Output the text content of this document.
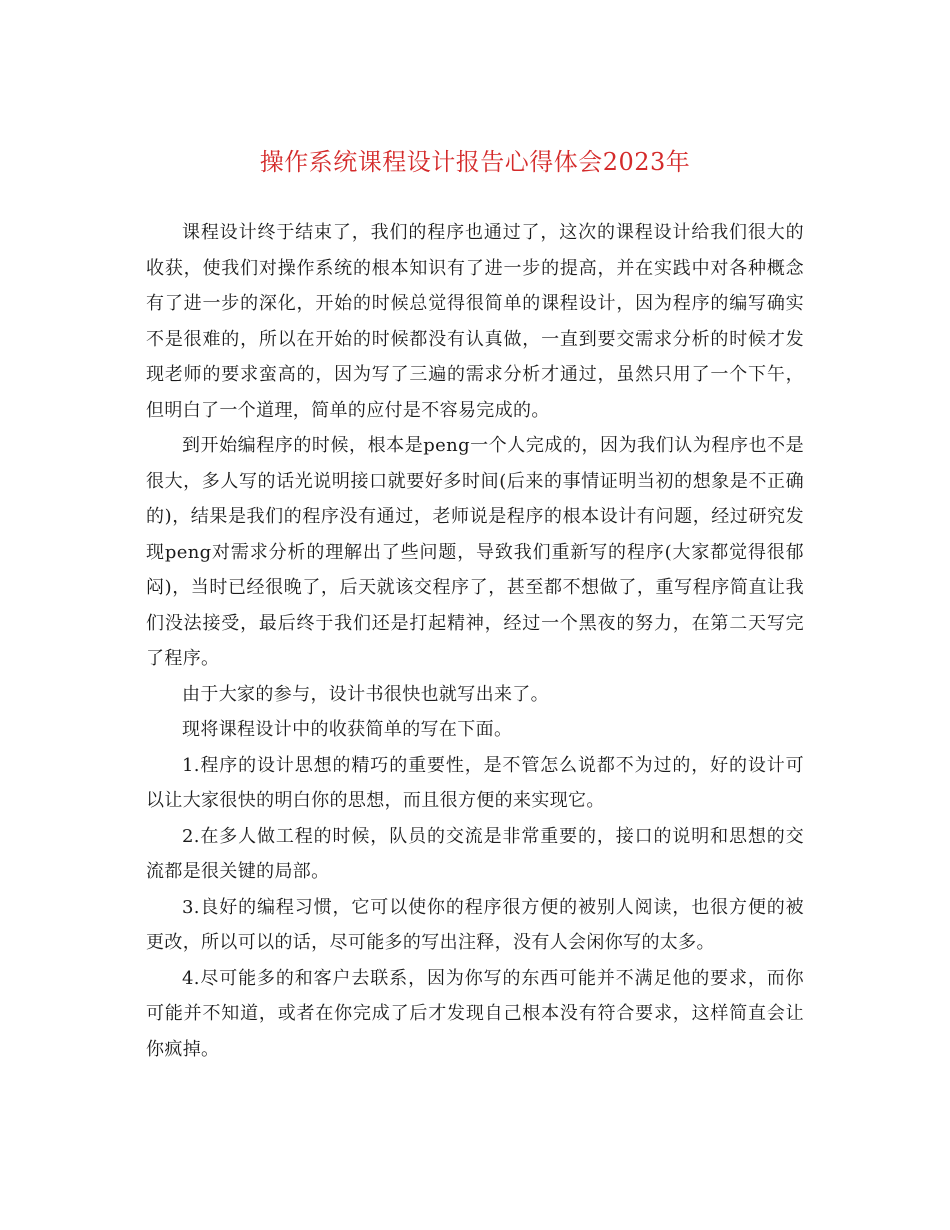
操作系统课程设计报告心得体会2023年

课程设计终于结束了，我们的程序也通过了，这次的课程设计给我们很大的收获，使我们对操作系统的根本知识有了进一步的提高，并在实践中对各种概念有了进一步的深化，开始的时候总觉得很简单的课程设计，因为程序的编写确实不是很难的，所以在开始的时候都没有认真做，一直到要交需求分析的时候才发现老师的要求蛮高的，因为写了三遍的需求分析才通过，虽然只用了一个下午，但明白了一个道理，简单的应付是不容易完成的。

到开始编程序的时候，根本是peng一个人完成的，因为我们认为程序也不是很大，多人写的话光说明接口就要好多时间(后来的事情证明当初的想象是不正确的)，结果是我们的程序没有通过，老师说是程序的根本设计有问题，经过研究发现peng对需求分析的理解出了些问题，导致我们重新写的程序(大家都觉得很郁闷)，当时已经很晚了，后天就该交程序了，甚至都不想做了，重写程序简直让我们没法接受，最后终于我们还是打起精神，经过一个黑夜的努力，在第二天写完了程序。

由于大家的参与，设计书很快也就写出来了。

现将课程设计中的收获简单的写在下面。

1.程序的设计思想的精巧的重要性，是不管怎么说都不为过的，好的设计可以让大家很快的明白你的思想，而且很方便的来实现它。

2.在多人做工程的时候，队员的交流是非常重要的，接口的说明和思想的交流都是很关键的局部。

3.良好的编程习惯，它可以使你的程序很方便的被别人阅读，也很方便的被更改，所以可以的话，尽可能多的写出注释，没有人会闲你写的太多。

4.尽可能多的和客户去联系，因为你写的东西可能并不满足他的要求，而你可能并不知道，或者在你完成了后才发现自己根本没有符合要求，这样简直会让你疯掉。
